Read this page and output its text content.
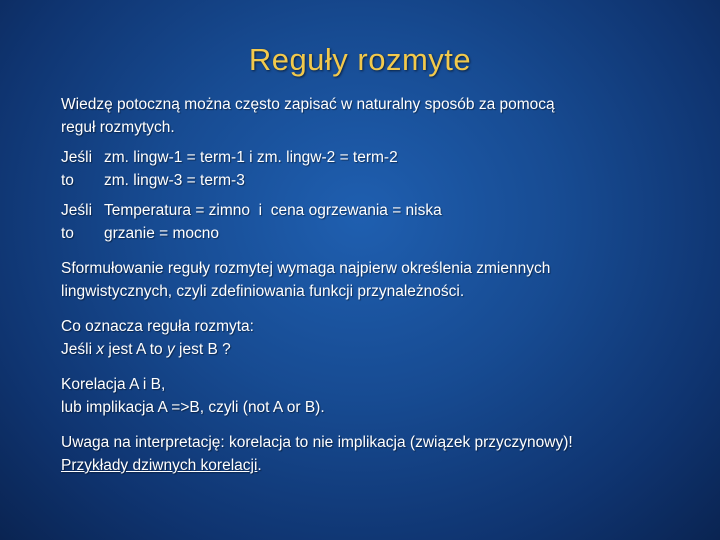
Reguły rozmyte

Wiedzę potoczną można często zapisać w naturalny sposób za pomocą
reguł rozmytych.

Jeśli zm. lingw-1 = term-1 i zm. lingw-2 = term-2
to	zm. lingw-3 = term-3
Jeśli Temperatura = zimno  i  cena ogrzewania = niska
to	grzanie = mocno

Sformułowanie reguły rozmytej wymaga najpierw określenia zmiennych
lingwistycznych, czyli zdefiniowania funkcji przynależności.

Co oznacza reguła rozmyta:
Jeśli x jest A to y jest B ?

Korelacja A i B,
lub implikacja A =>B, czyli (not A or B).

Uwaga na interpretację: korelacja to nie implikacja (związek przyczynowy)!
Przykłady dziwnych korelacji.
